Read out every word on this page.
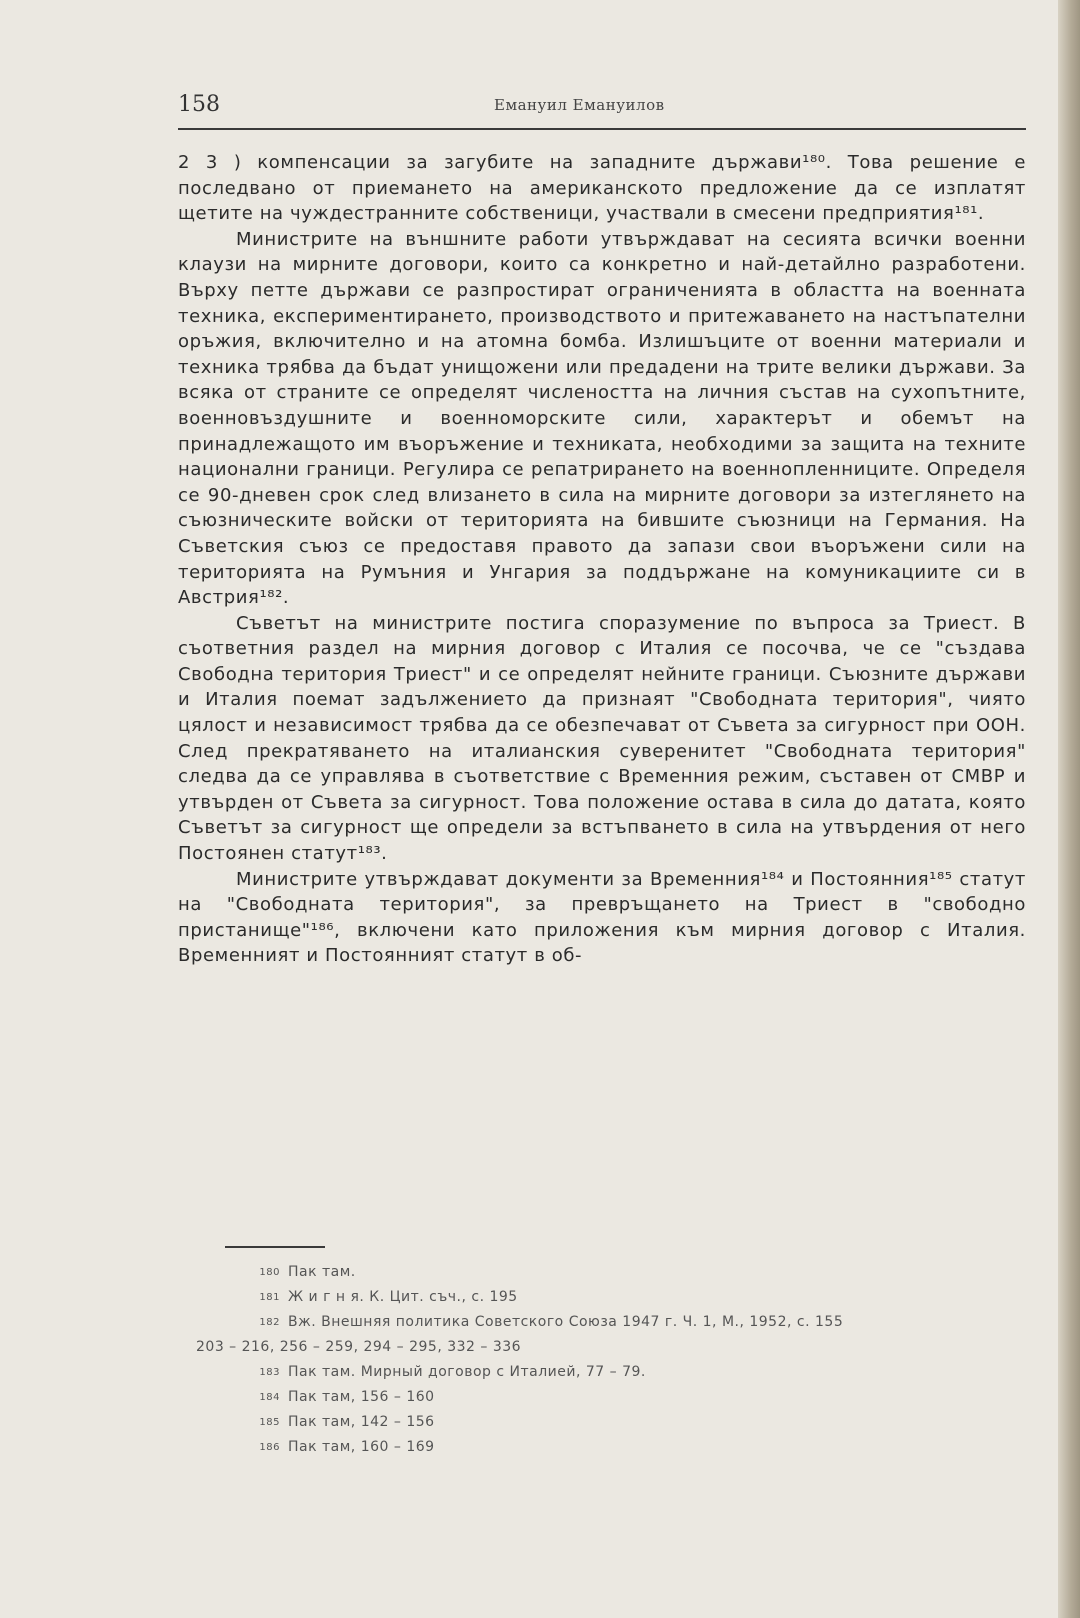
158	Емануил Емануилов

2 3 ) компенсации за загубите на западните държави¹⁸⁰. Това решение е последвано от приемането на американското предложение да се изплатят щетите на чуждестранните собственици, участвали в смесени предприятия¹⁸¹.

Министрите на външните работи утвърждават на сесията всички военни клаузи на мирните договори, които са конкретно и най-детайлно разработени. Върху петте държави се разпростират ограниченията в областта на военната техника, експериментирането, производството и притежаването на настъпателни оръжия, включително и на атомна бомба. Излишъците от военни материали и техника трябва да бъдат унищожени или предадени на трите велики държави. За всяка от страните се определят числеността на личния състав на сухопътните, военновъздушните и военноморските сили, характерът и обемът на принадлежащото им въоръжение и техниката, необходими за защита на техните национални граници. Регулира се репатрирането на военнопленниците. Определя се 90-дневен срок след влизането в сила на мирните договори за изтеглянето на съюзническите войски от територията на бившите съюзници на Германия. На Съветския съюз се предоставя правото да запази свои въоръжени сили на територията на Румъния и Унгария за поддържане на комуникациите си в Австрия¹⁸².

Съветът на министрите постига споразумение по въпроса за Триест. В съответния раздел на мирния договор с Италия се посочва, че се "създава Свободна територия Триест" и се определят нейните граници. Съюзните държави и Италия поемат задължението да признаят "Свободната територия", чиято цялост и независимост трябва да се обезпечават от Съвета за сигурност при ООН. След прекратяването на италианския суверенитет "Свободната територия" следва да се управлява в съответствие с Временния режим, съставен от СМВР и утвърден от Съвета за сигурност. Това положение остава в сила до датата, която Съветът за сигурност ще определи за встъпването в сила на утвърдения от него Постоянен статут¹⁸³.

Министрите утвърждават документи за Временния¹⁸⁴ и Постоянния¹⁸⁵ статут на "Свободната територия", за превръщането на Триест в "свободно пристанище"¹⁸⁶, включени като приложения към мирния договор с Италия. Временният и Постоянният статут в об-

180 Пак там.
181 Ж и г н я. К. Цит. съч., с. 195
182 Вж. Внешняя политика Советского Союза 1947 г. Ч. 1, М., 1952, с. 155
203 – 216, 256 – 259, 294 – 295, 332 – 336
183 Пак там. Мирный договор с Италией, 77 – 79.
184 Пак там, 156 – 160
185 Пак там, 142 – 156
186 Пак там, 160 – 169
